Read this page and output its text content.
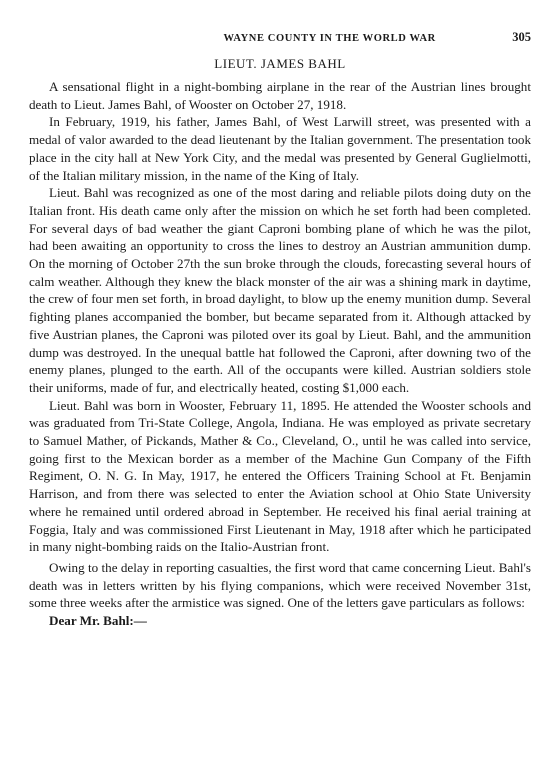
WAYNE COUNTY IN THE WORLD WAR	305
LIEUT. JAMES BAHL

A sensational flight in a night-bombing airplane in the rear of the Austrian lines brought death to Lieut. James Bahl, of Wooster on October 27, 1918.

In February, 1919, his father, James Bahl, of West Larwill street, was presented with a medal of valor awarded to the dead lieutenant by the Italian government. The presentation took place in the city hall at New York City, and the medal was presented by General Guglielmotti, of the Italian military mission, in the name of the King of Italy.

Lieut. Bahl was recognized as one of the most daring and reliable pilots doing duty on the Italian front. His death came only after the mission on which he set forth had been completed. For several days of bad weather the giant Caproni bombing plane of which he was the pilot, had been awaiting an opportunity to cross the lines to destroy an Austrian ammunition dump. On the morning of October 27th the sun broke through the clouds, forecasting several hours of calm weather. Although they knew the black monster of the air was a shining mark in daytime, the crew of four men set forth, in broad daylight, to blow up the enemy munition dump. Several fighting planes accompanied the bomber, but became separated from it. Although attacked by five Austrian planes, the Caproni was piloted over its goal by Lieut. Bahl, and the ammunition dump was destroyed. In the unequal battle hat followed the Caproni, after downing two of the enemy planes, plunged to the earth. All of the occupants were killed. Austrian soldiers stole their uniforms, made of fur, and electrically heated, costing $1,000 each.

Lieut. Bahl was born in Wooster, February 11, 1895. He attended the Wooster schools and was graduated from Tri-State College, Angola, Indiana. He was employed as private secretary to Samuel Mather, of Pickands, Mather & Co., Cleveland, O., until he was called into service, going first to the Mexican border as a member of the Machine Gun Company of the Fifth Regiment, O. N. G. In May, 1917, he entered the Officers Training School at Ft. Benjamin Harrison, and from there was selected to enter the Aviation school at Ohio State University where he remained until ordered abroad in September. He received his final aerial training at Foggia, Italy and was commissioned First Lieutenant in May, 1918 after which he participated in many night-bombing raids on the Italio-Austrian front.

Owing to the delay in reporting casualties, the first word that came concerning Lieut. Bahl's death was in letters written by his flying companions, which were received November 31st, some three weeks after the armistice was signed. One of the letters gave particulars as follows:

Dear Mr. Bahl:—
